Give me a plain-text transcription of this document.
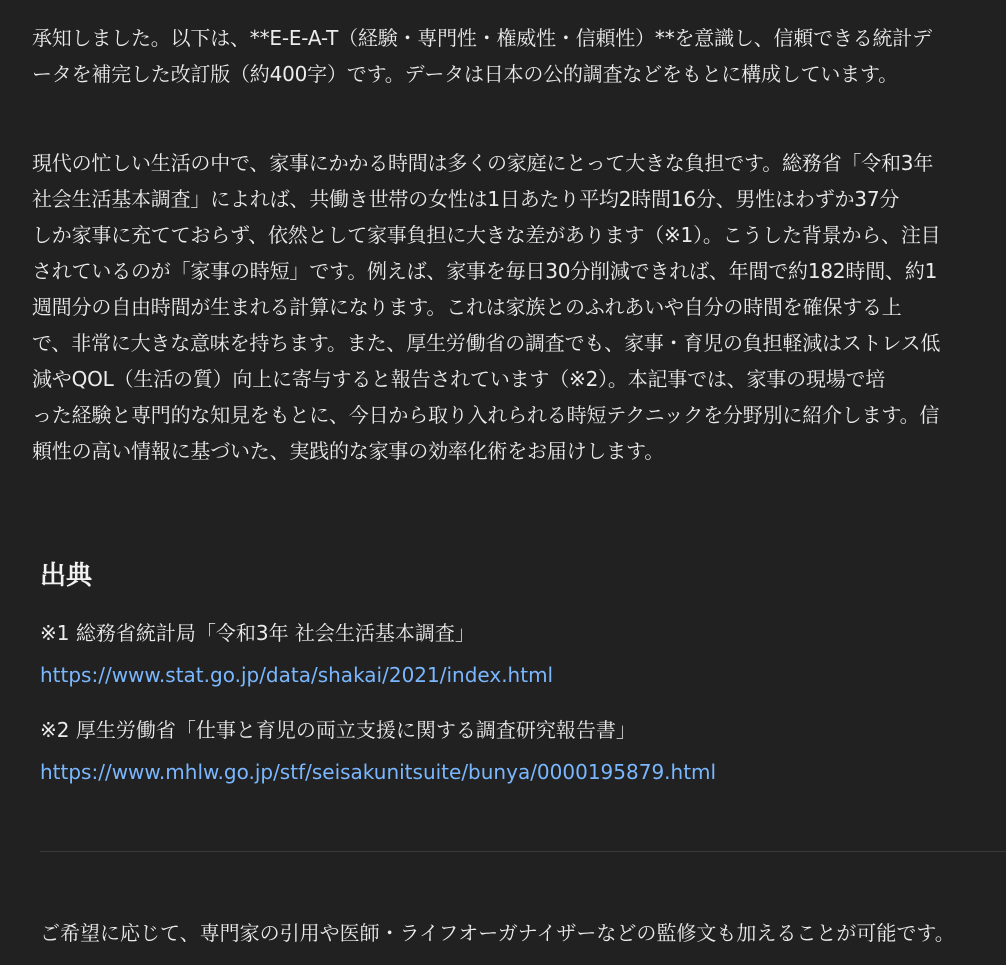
承知しました。以下は、**E-E-A-T（経験・専門性・権威性・信頼性）**を意識し、信頼できる統計デ
ータを補完した改訂版（約400字）です。データは日本の公的調査などをもとに構成しています。

現代の忙しい生活の中で、家事にかかる時間は多くの家庭にとって大きな負担です。総務省「令和3年
社会生活基本調査」によれば、共働き世帯の女性は1日あたり平均2時間16分、男性はわずか37分
しか家事に充てておらず、依然として家事負担に大きな差があります（※1）。こうした背景から、注目
されているのが「家事の時短」です。例えば、家事を毎日30分削減できれば、年間で約182時間、約1
週間分の自由時間が生まれる計算になります。これは家族とのふれあいや自分の時間を確保する上
で、非常に大きな意味を持ちます。また、厚生労働省の調査でも、家事・育児の負担軽減はストレス低
減やQOL（生活の質）向上に寄与すると報告されています（※2）。本記事では、家事の現場で培
った経験と専門的な知見をもとに、今日から取り入れられる時短テクニックを分野別に紹介します。信
頼性の高い情報に基づいた、実践的な家事の効率化術をお届けします。

出典

※1 総務省統計局「令和3年 社会生活基本調査」

https://www.stat.go.jp/data/shakai/2021/index.html

※2 厚生労働省「仕事と育児の両立支援に関する調査研究報告書」

https://www.mhlw.go.jp/stf/seisakunitsuite/bunya/0000195879.html

ご希望に応じて、専門家の引用や医師・ライフオーガナイザーなどの監修文も加えることが可能です。
